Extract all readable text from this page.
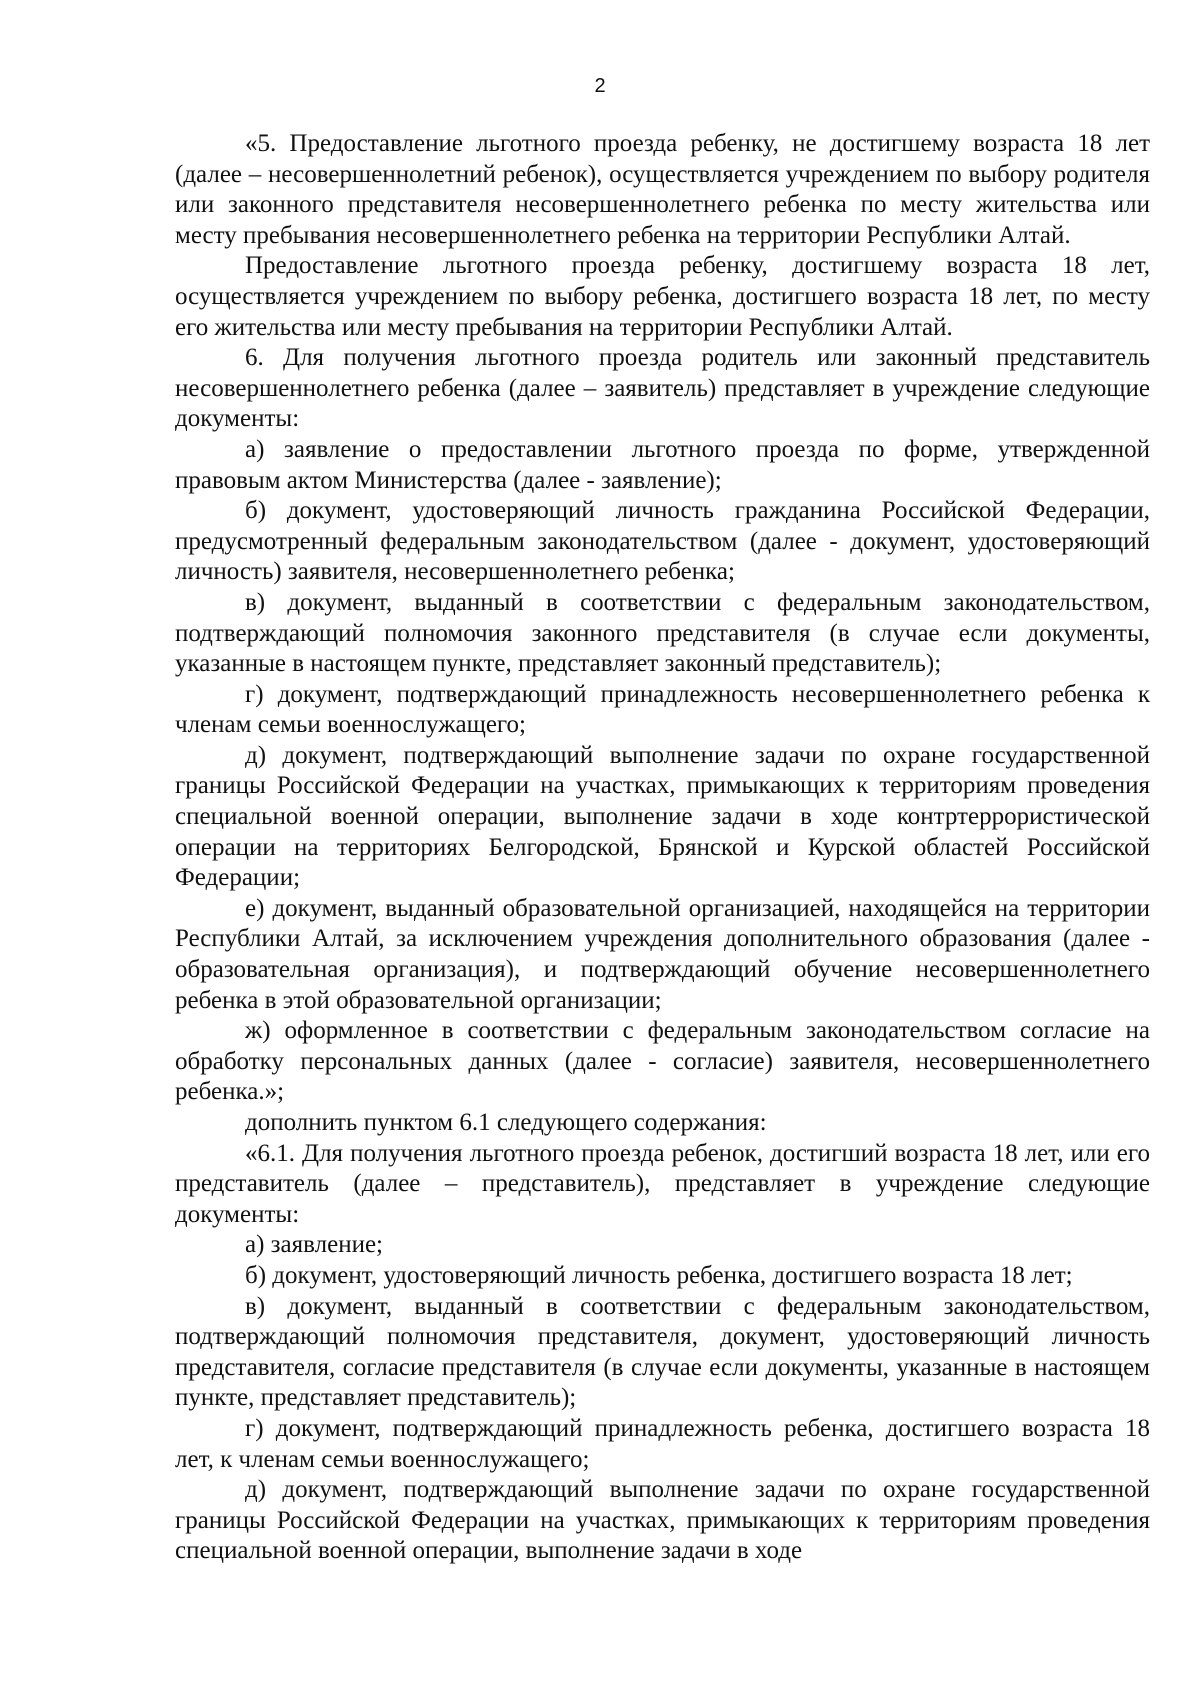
2

«5. Предоставление льготного проезда ребенку, не достигшему возраста 18 лет (далее – несовершеннолетний ребенок), осуществляется учреждением по выбору родителя или законного представителя несовершеннолетнего ребенка по месту жительства или месту пребывания несовершеннолетнего ребенка на территории Республики Алтай.

Предоставление льготного проезда ребенку, достигшему возраста 18 лет, осуществляется учреждением по выбору ребенка, достигшего возраста 18 лет, по месту его жительства или месту пребывания на территории Республики Алтай.

6. Для получения льготного проезда родитель или законный представитель несовершеннолетнего ребенка (далее – заявитель) представляет в учреждение следующие документы:

а) заявление о предоставлении льготного проезда по форме, утвержденной правовым актом Министерства (далее - заявление);

б) документ, удостоверяющий личность гражданина Российской Федерации, предусмотренный федеральным законодательством (далее - документ, удостоверяющий личность) заявителя, несовершеннолетнего ребенка;

в) документ, выданный в соответствии с федеральным законодательством, подтверждающий полномочия законного представителя (в случае если документы, указанные в настоящем пункте, представляет законный представитель);

г) документ, подтверждающий принадлежность несовершеннолетнего ребенка к членам семьи военнослужащего;

д) документ, подтверждающий выполнение задачи по охране государственной границы Российской Федерации на участках, примыкающих к территориям проведения специальной военной операции, выполнение задачи в ходе контртеррористической операции на территориях Белгородской, Брянской и Курской областей Российской Федерации;

е) документ, выданный образовательной организацией, находящейся на территории Республики Алтай, за исключением учреждения дополнительного образования (далее - образовательная организация), и подтверждающий обучение несовершеннолетнего ребенка в этой образовательной организации;

ж) оформленное в соответствии с федеральным законодательством согласие на обработку персональных данных (далее - согласие) заявителя, несовершеннолетнего ребенка.»;

дополнить пунктом 6.1 следующего содержания:

«6.1. Для получения льготного проезда ребенок, достигший возраста 18 лет, или его представитель (далее – представитель), представляет в учреждение следующие документы:

а) заявление;

б) документ, удостоверяющий личность ребенка, достигшего возраста 18 лет;

в) документ, выданный в соответствии с федеральным законодательством, подтверждающий полномочия представителя, документ, удостоверяющий личность представителя, согласие представителя (в случае если документы, указанные в настоящем пункте, представляет представитель);

г) документ, подтверждающий принадлежность ребенка, достигшего возраста 18 лет, к членам семьи военнослужащего;

д) документ, подтверждающий выполнение задачи по охране государственной границы Российской Федерации на участках, примыкающих к территориям проведения специальной военной операции, выполнение задачи в ходе
